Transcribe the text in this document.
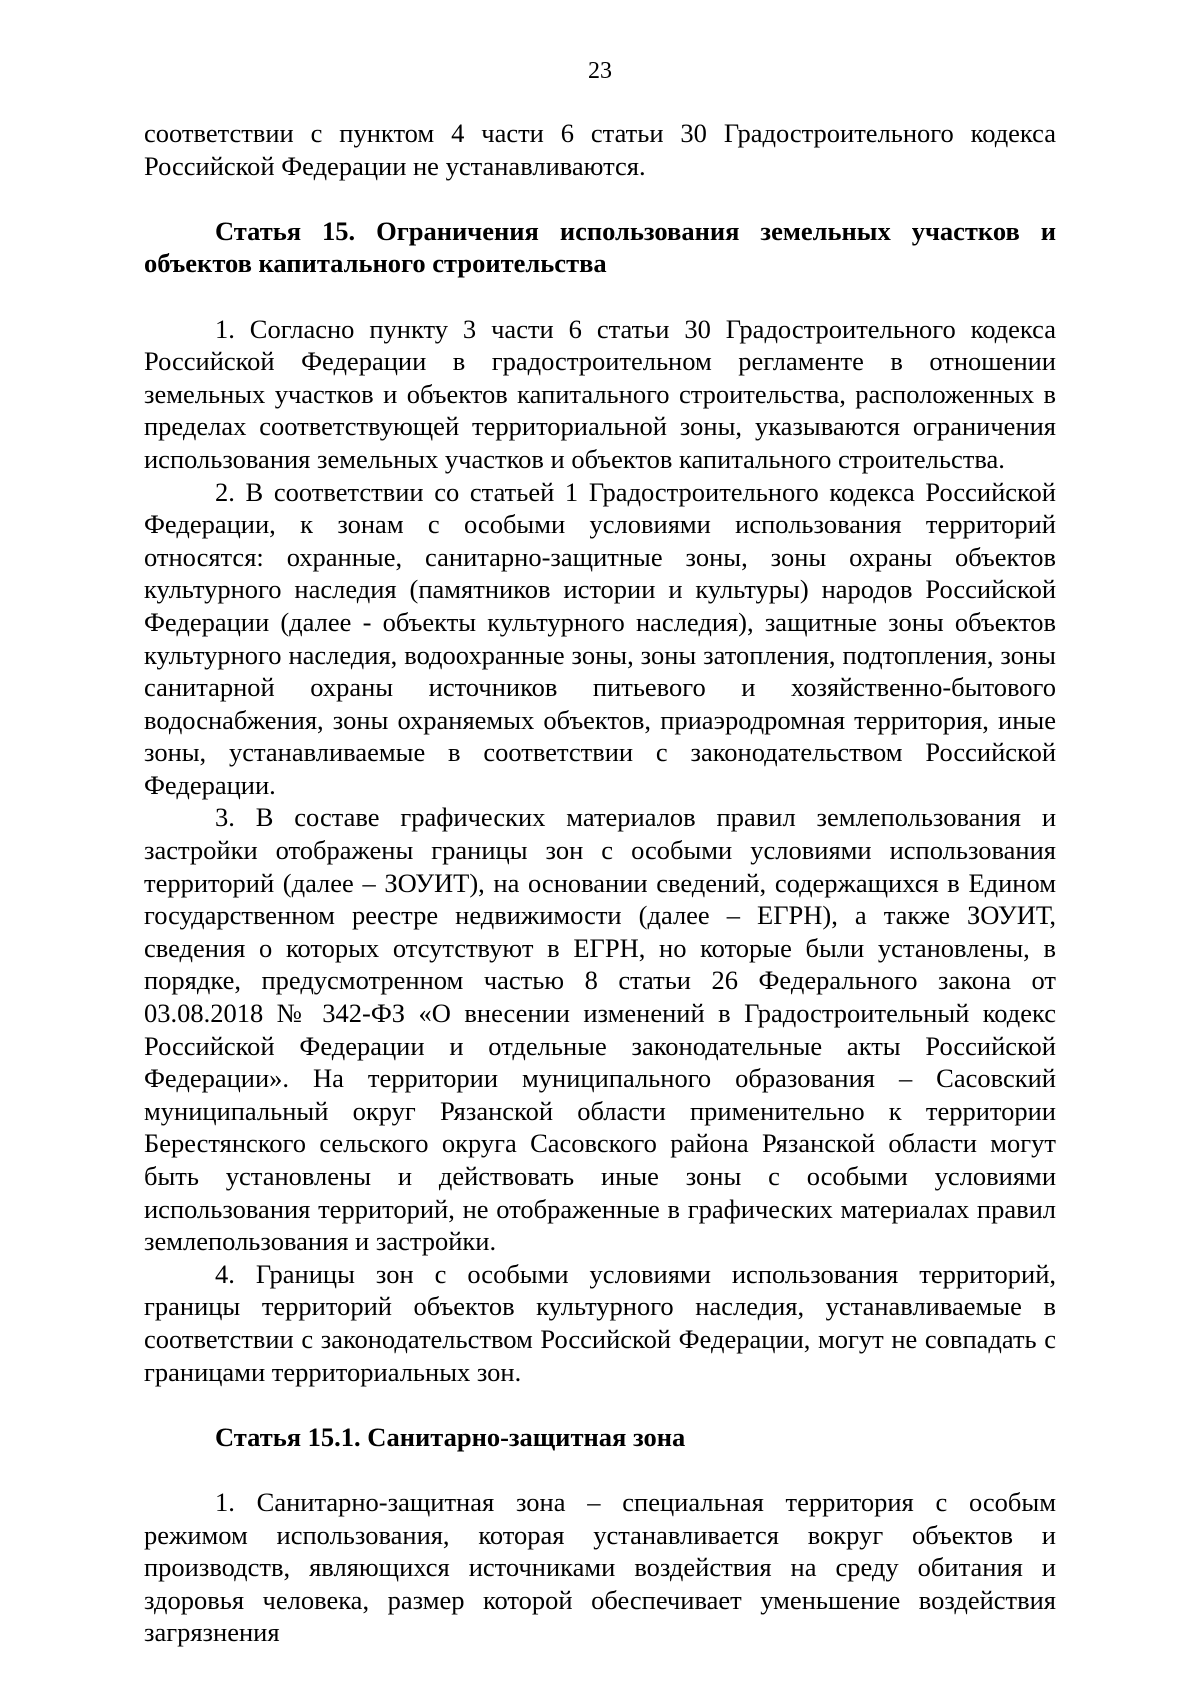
23

соответствии с пунктом 4 части 6 статьи 30 Градостроительного кодекса Российской Федерации не устанавливаются.

Статья 15. Ограничения использования земельных участков и объектов капитального строительства

1. Согласно пункту 3 части 6 статьи 30 Градостроительного кодекса Российской Федерации в градостроительном регламенте в отношении земельных участков и объектов капитального строительства, расположенных в пределах соответствующей территориальной зоны, указываются ограничения использования земельных участков и объектов капитального строительства.

2. В соответствии со статьей 1 Градостроительного кодекса Российской Федерации, к зонам с особыми условиями использования территорий относятся: охранные, санитарно-защитные зоны, зоны охраны объектов культурного наследия (памятников истории и культуры) народов Российской Федерации (далее - объекты культурного наследия), защитные зоны объектов культурного наследия, водоохранные зоны, зоны затопления, подтопления, зоны санитарной охраны источников питьевого и хозяйственно-бытового водоснабжения, зоны охраняемых объектов, приаэродромная территория, иные зоны, устанавливаемые в соответствии с законодательством Российской Федерации.

3. В составе графических материалов правил землепользования и застройки отображены границы зон с особыми условиями использования территорий (далее – ЗОУИТ), на основании сведений, содержащихся в Едином государственном реестре недвижимости (далее – ЕГРН), а также ЗОУИТ, сведения о которых отсутствуют в ЕГРН, но которые были установлены, в порядке, предусмотренном частью 8 статьи 26 Федерального закона от 03.08.2018 № 342-ФЗ «О внесении изменений в Градостроительный кодекс Российской Федерации и отдельные законодательные акты Российской Федерации». На территории муниципального образования – Сасовский муниципальный округ Рязанской области применительно к территории Берестянского сельского округа Сасовского района Рязанской области могут быть установлены и действовать иные зоны с особыми условиями использования территорий, не отображенные в графических материалах правил землепользования и застройки.

4. Границы зон с особыми условиями использования территорий, границы территорий объектов культурного наследия, устанавливаемые в соответствии с законодательством Российской Федерации, могут не совпадать с границами территориальных зон.

Статья 15.1. Санитарно-защитная зона

1. Санитарно-защитная зона – специальная территория с особым режимом использования, которая устанавливается вокруг объектов и производств, являющихся источниками воздействия на среду обитания и здоровья человека, размер которой обеспечивает уменьшение воздействия загрязнения
